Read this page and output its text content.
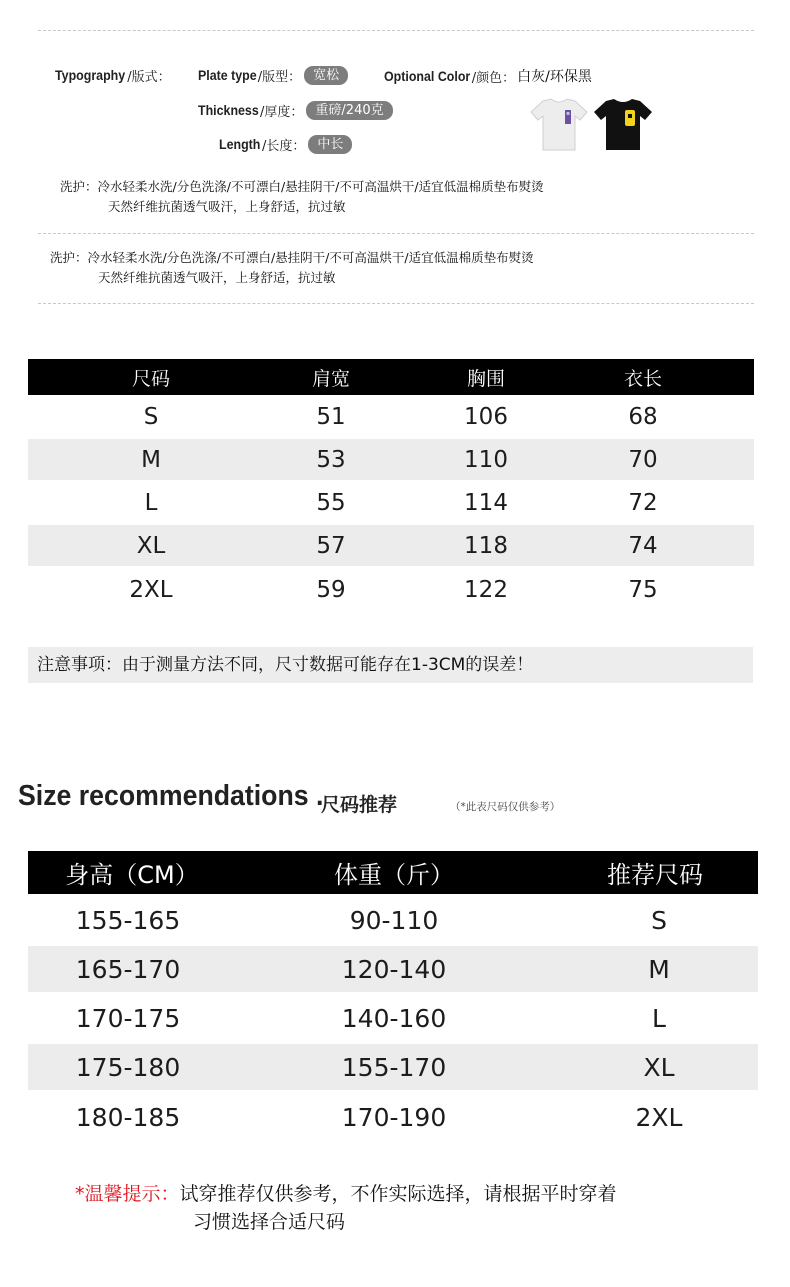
Typography /版式： Plate type /版型： 宽松	Optional Color /颜色： 白灰/环保黑
Thickness /厚度： 重磅/240克
Length /长度： 中长
洗护：冷水轻柔水洗/分色洗涤/不可漂白/悬挂阴干/不可高温烘干/适宜低温棉质垫布熨烫
天然纤维抗菌透气吸汗，上身舒适，抗过敏
洗护：冷水轻柔水洗/分色洗涤/不可漂白/悬挂阴干/不可高温烘干/适宜低温棉质垫布熨烫
天然纤维抗菌透气吸汗，上身舒适，抗过敏
尺码	肩宽	胸围	衣长
S	51	106	68
M	53	110	70
L	55	114	72
XL	57	118	74
2XL	59	122	75
注意事项：由于测量方法不同，尺寸数据可能存在1-3CM的误差！
Size recommendations .
尺码推荐	（*此表尺码仅供参考）
身高（CM）	体重（斤）	推荐尺码
155-165	90-110	S
165-170	120-140	M
170-175	140-160	L
175-180	155-170	XL
180-185	170-190	2XL
*温馨提示：试穿推荐仅供参考，不作实际选择，请根据平时穿着
习惯选择合适尺码
